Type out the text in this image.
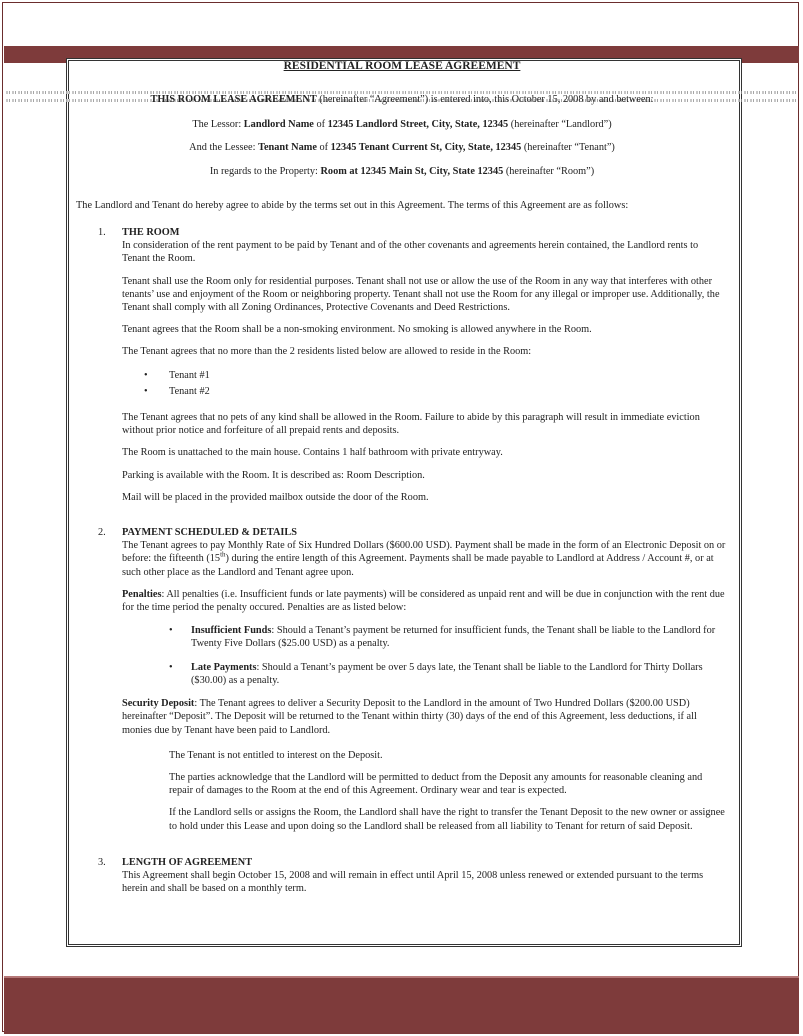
RESIDENTIAL ROOM LEASE AGREEMENT
THIS ROOM LEASE AGREEMENT (hereinafter “Agreement”) is entered into, this October 15, 2008 by and between:
The Lessor: Landlord Name of 12345 Landlord Street, City, State, 12345 (hereinafter “Landlord”)
And the Lessee: Tenant Name of 12345 Tenant Current St, City, State, 12345 (hereinafter “Tenant”)
In regards to the Property: Room at 12345 Main St, City, State 12345 (hereinafter “Room”)

The Landlord and Tenant do hereby agree to abide by the terms set out in this Agreement. The terms of this Agreement are as follows:

1. THE ROOM

In consideration of the rent payment to be paid by Tenant and of the other covenants and agreements herein contained, the Landlord rents to Tenant the Room.

Tenant shall use the Room only for residential purposes. Tenant shall not use or allow the use of the Room in any way that interferes with other tenants’ use and enjoyment of the Room or neighboring property. Tenant shall not use the Room for any illegal or improper use. Additionally, the Tenant shall comply with all Zoning Ordinances, Protective Covenants and Deed Restrictions.

Tenant agrees that the Room shall be a non-smoking environment. No smoking is allowed anywhere in the Room.

The Tenant agrees that no more than the 2 residents listed below are allowed to reside in the Room:

• Tenant #1
• Tenant #2

The Tenant agrees that no pets of any kind shall be allowed in the Room. Failure to abide by this paragraph will result in immediate eviction without prior notice and forfeiture of all prepaid rents and deposits.

The Room is unattached to the main house. Contains 1 half bathroom with private entryway.

Parking is available with the Room. It is described as: Room Description.

Mail will be placed in the provided mailbox outside the door of the Room.

2. PAYMENT SCHEDULED & DETAILS

The Tenant agrees to pay Monthly Rate of Six Hundred Dollars ($600.00 USD). Payment shall be made in the form of an Electronic Deposit on or before: the fifteenth (15th) during the entire length of this Agreement. Payments shall be made payable to Landlord at Address / Account #, or at such other place as the Landlord and Tenant agree upon.

Penalties: All penalties (i.e. Insufficient funds or late payments) will be considered as unpaid rent and will be due in conjunction with the rent due for the time period the penalty occured. Penalties are as listed below:

• Insufficient Funds: Should a Tenant’s payment be returned for insufficient funds, the Tenant shall be liable to the Landlord for Twenty Five Dollars ($25.00 USD) as a penalty.
• Late Payments: Should a Tenant’s payment be over 5 days late, the Tenant shall be liable to the Landlord for Thirty Dollars ($30.00) as a penalty.

Security Deposit: The Tenant agrees to deliver a Security Deposit to the Landlord in the amount of Two Hundred Dollars ($200.00 USD) hereinafter “Deposit”. The Deposit will be returned to the Tenant within thirty (30) days of the end of this Agreement, less deductions, if all monies due by Tenant have been paid to Landlord.

The Tenant is not entitled to interest on the Deposit.

The parties acknowledge that the Landlord will be permitted to deduct from the Deposit any amounts for reasonable cleaning and repair of damages to the Room at the end of this Agreement. Ordinary wear and tear is expected.

If the Landlord sells or assigns the Room, the Landlord shall have the right to transfer the Tenant Deposit to the new owner or assignee to hold under this Lease and upon doing so the Landlord shall be released from all liability to Tenant for return of said Deposit.

3. LENGTH OF AGREEMENT

This Agreement shall begin October 15, 2008 and will remain in effect until April 15, 2008 unless renewed or extended pursuant to the terms herein and shall be based on a monthly term.
